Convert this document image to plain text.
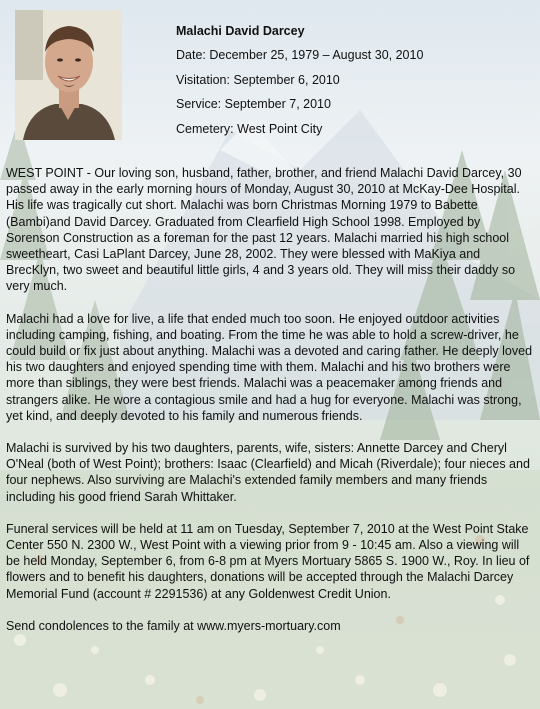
Malachi David Darcey
Date: December 25, 1979 – August 30, 2010
Visitation: September 6, 2010
Service: September 7, 2010
Cemetery: West Point City

WEST POINT - Our loving son, husband, father, brother, and friend Malachi David Darcey, 30 passed away in the early morning hours of Monday, August 30, 2010 at McKay-Dee Hospital. His life was tragically cut short. Malachi was born Christmas Morning 1979 to Babette (Bambi)and David Darcey. Graduated from Clearfield High School 1998. Employed by Sorenson Construction as a foreman for the past 12 years. Malachi married his high school sweetheart, Casi LaPlant Darcey, June 28, 2002. They were blessed with MaKiya and BrecKlyn, two sweet and beautiful little girls, 4 and 3 years old. They will miss their daddy so very much.

Malachi had a love for live, a life that ended much too soon. He enjoyed outdoor activities including camping, fishing, and boating. From the time he was able to hold a screw-driver, he could build or fix just about anything. Malachi was a devoted and caring father. He deeply loved his two daughters and enjoyed spending time with them. Malachi and his two brothers were more than siblings, they were best friends. Malachi was a peacemaker among friends and strangers alike. He wore a contagious smile and had a hug for everyone. Malachi was strong, yet kind, and deeply devoted to his family and numerous friends.

Malachi is survived by his two daughters, parents, wife, sisters: Annette Darcey and Cheryl O'Neal (both of West Point); brothers: Isaac (Clearfield) and Micah (Riverdale); four nieces and four nephews. Also surviving are Malachi's extended family members and many friends including his good friend Sarah Whittaker.

Funeral services will be held at 11 am on Tuesday, September 7, 2010 at the West Point Stake Center 550 N. 2300 W., West Point with a viewing prior from 9 - 10:45 am. Also a viewing will be held Monday, September 6, from 6-8 pm at Myers Mortuary 5865 S. 1900 W., Roy. In lieu of flowers and to benefit his daughters, donations will be accepted through the Malachi Darcey Memorial Fund (account # 2291536) at any Goldenwest Credit Union.

Send condolences to the family at www.myers-mortuary.com
